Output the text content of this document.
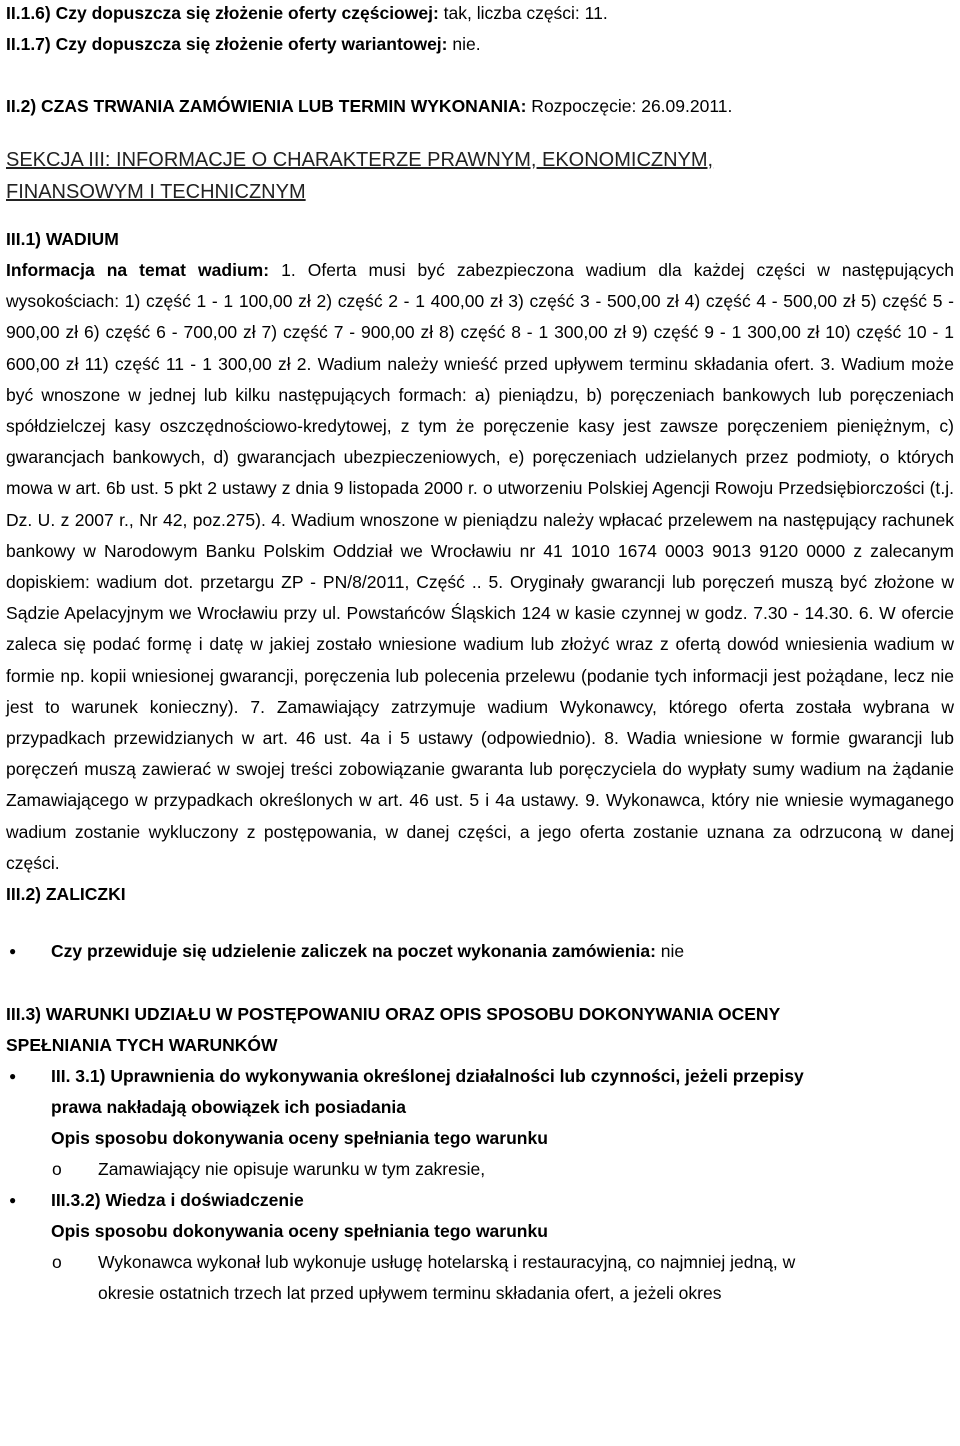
II.1.6) Czy dopuszcza się złożenie oferty częściowej: tak, liczba części: 11.
II.1.7) Czy dopuszcza się złożenie oferty wariantowej: nie.
II.2) CZAS TRWANIA ZAMÓWIENIA LUB TERMIN WYKONANIA: Rozpoczęcie: 26.09.2011.
SEKCJA III: INFORMACJE O CHARAKTERZE PRAWNYM, EKONOMICZNYM,
FINANSOWYM I TECHNICZNYM
III.1) WADIUM

Informacja na temat wadium: 1. Oferta musi być zabezpieczona wadium dla każdej części w następujących wysokościach: 1) część 1 - 1 100,00 zł 2) część 2 - 1 400,00 zł 3) część 3 - 500,00 zł 4) część 4 - 500,00 zł 5) część 5 - 900,00 zł 6) część 6 - 700,00 zł 7) część 7 - 900,00 zł 8) część 8 - 1 300,00 zł 9) część 9 - 1 300,00 zł 10) część 10 - 1 600,00 zł 11) część 11 - 1 300,00 zł 2. Wadium należy wnieść przed upływem terminu składania ofert. 3. Wadium może być wnoszone w jednej lub kilku następujących formach: a) pieniądzu, b) poręczeniach bankowych lub poręczeniach spółdzielczej kasy oszczędnościowo-kredytowej, z tym że poręczenie kasy jest zawsze poręczeniem pieniężnym, c) gwarancjach bankowych, d) gwarancjach ubezpieczeniowych, e) poręczeniach udzielanych przez podmioty, o których mowa w art. 6b ust. 5 pkt 2 ustawy z dnia 9 listopada 2000 r. o utworzeniu Polskiej Agencji Rowoju Przedsiębiorczości (t.j. Dz. U. z 2007 r., Nr 42, poz.275). 4. Wadium wnoszone w pieniądzu należy wpłacać przelewem na następujący rachunek bankowy w Narodowym Banku Polskim Oddział we Wrocławiu nr 41 1010 1674 0003 9013 9120 0000 z zalecanym dopiskiem: wadium dot. przetargu ZP - PN/8/2011, Część .. 5. Oryginały gwarancji lub poręczeń muszą być złożone w Sądzie Apelacyjnym we Wrocławiu przy ul. Powstańców Śląskich 124 w kasie czynnej w godz. 7.30 - 14.30. 6. W ofercie zaleca się podać formę i datę w jakiej zostało wniesione wadium lub złożyć wraz z ofertą dowód wniesienia wadium w formie np. kopii wniesionej gwarancji, poręczenia lub polecenia przelewu (podanie tych informacji jest pożądane, lecz nie jest to warunek konieczny). 7. Zamawiający zatrzymuje wadium Wykonawcy, którego oferta została wybrana w przypadkach przewidzianych w art. 46 ust. 4a i 5 ustawy (odpowiednio). 8. Wadia wniesione w formie gwarancji lub poręczeń muszą zawierać w swojej treści zobowiązanie gwaranta lub poręczyciela do wypłaty sumy wadium na żądanie Zamawiającego w przypadkach określonych w art. 46 ust. 5 i 4a ustawy. 9. Wykonawca, który nie wniesie wymaganego wadium zostanie wykluczony z postępowania, w danej części, a jego oferta zostanie uznana za odrzuconą w danej części.

III.2) ZALICZKI
● Czy przewiduje się udzielenie zaliczek na poczet wykonania zamówienia: nie
III.3) WARUNKI UDZIAŁU W POSTĘPOWANIU ORAZ OPIS SPOSOBU DOKONYWANIA OCENY
SPEŁNIANIA TYCH WARUNKÓW
● III. 3.1) Uprawnienia do wykonywania określonej działalności lub czynności, jeżeli przepisy
prawa nakładają obowiązek ich posiadania
Opis sposobu dokonywania oceny spełniania tego warunku
o Zamawiający nie opisuje warunku w tym zakresie,
● III.3.2) Wiedza i doświadczenie
Opis sposobu dokonywania oceny spełniania tego warunku
o Wykonawca wykonał lub wykonuje usługę hotelarską i restauracyjną, co najmniej jedną, w
okresie ostatnich trzech lat przed upływem terminu składania ofert, a jeżeli okres
